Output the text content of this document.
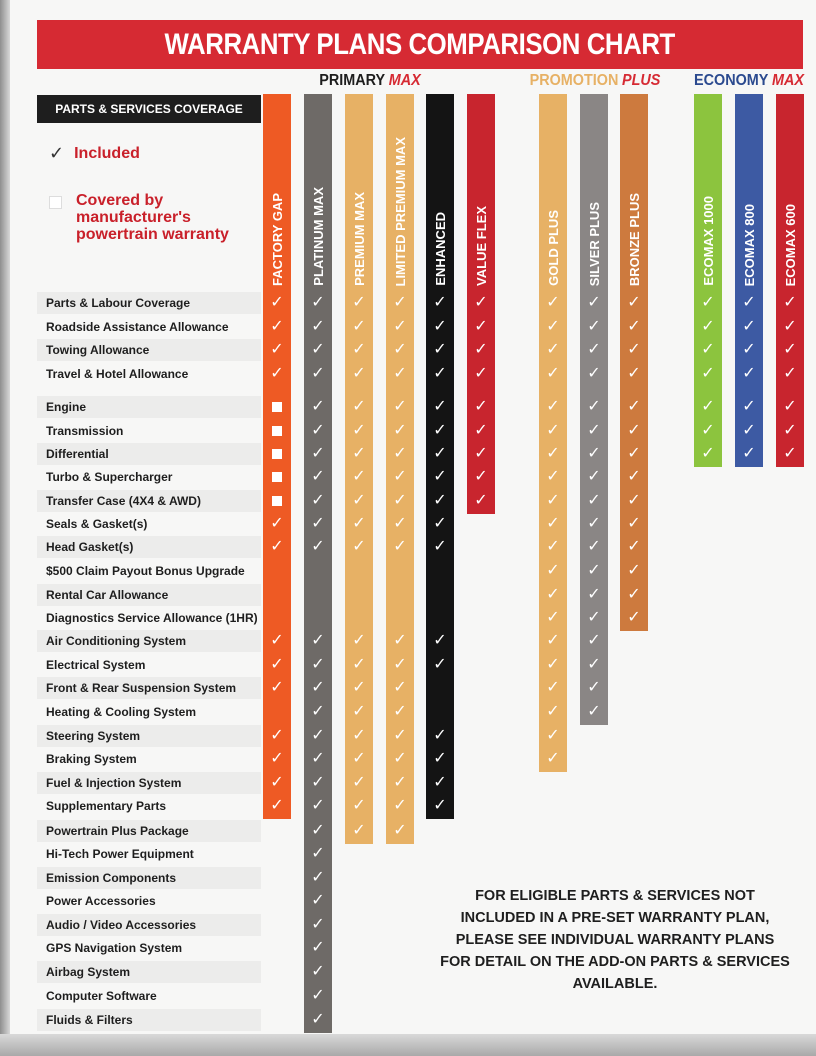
WARRANTY PLANS COMPARISON CHART
PRIMARY MAX	PROMOTION PLUS ECONOMY MAX
PARTS & SERVICES COVERAGE
✓ Included
Covered by
manufacturer's
powertrain warranty
Parts & Labour Coverage
Roadside Assistance Allowance
Towing Allowance
Travel & Hotel Allowance
Engine
Transmission
Differential
Turbo & Supercharger
Transfer Case (4X4 & AWD)
Seals & Gasket(s)
Head Gasket(s)
$500 Claim Payout Bonus Upgrade
Rental Car Allowance
Diagnostics Service Allowance (1HR)
Air Conditioning System
Electrical System
Front & Rear Suspension System
Heating & Cooling System
Steering System
Braking System
Fuel & Injection System
Supplementary Parts
Powertrain Plus Package
Hi-Tech Power Equipment
Emission Components
Power Accessories
Audio / Video Accessories
GPS Navigation System
Airbag System
Computer Software
Fluids & Filters
FACTORY GAP
✓
✓
✓
✓
✓
✓
✓
✓
✓
✓
✓
✓
✓
PLATINUM MAX
✓
✓
✓
✓
✓
✓
✓
✓
✓
✓
✓
✓
✓
✓
✓
✓
✓
✓
✓
✓
✓
✓
✓
✓
✓
✓
✓
✓
PREMIUM MAX
✓
✓
✓
✓
✓
✓
✓
✓
✓
✓
✓
✓
✓
✓
✓
✓
✓
✓
✓
✓
LIMITED PREMIUM MAX
✓
✓
✓
✓
✓
✓
✓
✓
✓
✓
✓
✓
✓
✓
✓
✓
✓
✓
✓
✓
ENHANCED
✓
✓
✓
✓
✓
✓
✓
✓
✓
✓
✓
✓
✓
✓
✓
✓
✓
VALUE FLEX
✓
✓
✓
✓
✓
✓
✓
✓
✓
GOLD PLUS
✓
✓
✓
✓
✓
✓
✓
✓
✓
✓
✓
✓
✓
✓
✓
✓
✓
✓
✓
✓
SILVER PLUS
✓
✓
✓
✓
✓
✓
✓
✓
✓
✓
✓
✓
✓
✓
✓
✓
✓
✓
BRONZE PLUS
✓
✓
✓
✓
✓
✓
✓
✓
✓
✓
✓
✓
✓
✓
ECOMAX 1000
✓
✓
✓
✓
✓
✓
✓
ECOMAX 800
✓
✓
✓
✓
✓
✓
✓
ECOMAX 600
✓
✓
✓
✓
✓
✓
✓
FOR ELIGIBLE PARTS & SERVICES NOT INCLUDED IN A PRE-SET WARRANTY PLAN, PLEASE SEE INDIVIDUAL WARRANTY PLANS FOR DETAIL ON THE ADD-ON PARTS & SERVICES AVAILABLE.
